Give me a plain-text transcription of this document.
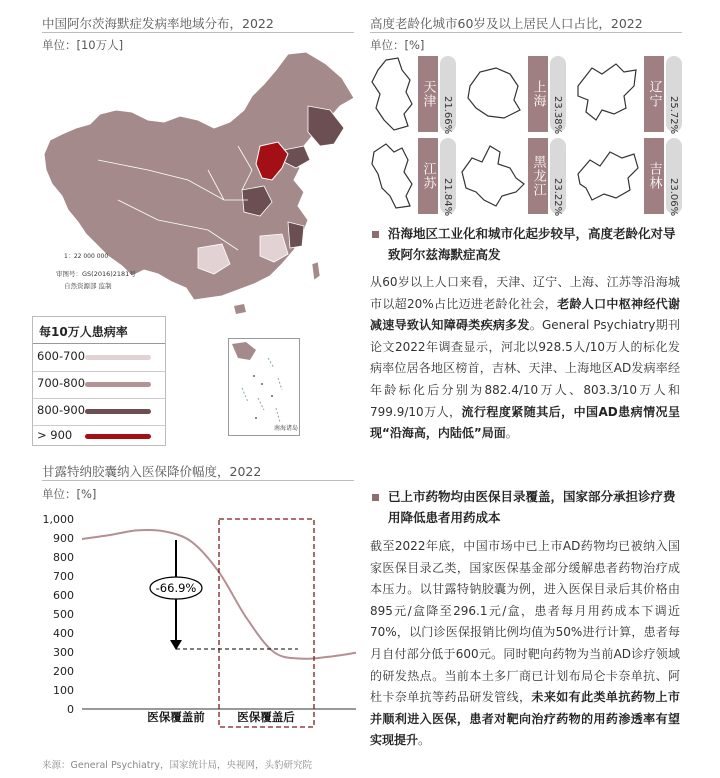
中国阿尔茨海默症发病率地域分布，2022
单位：[10万人]
1：22 000 000
审图号：GS(2016)2181号
自然资源部 监制
每10万人患病率
600-700
700-800
800-900
> 900	南海诸岛
高度老龄化城市60岁及以上居民人口占比，2022
单位：[%]
天津
21.66%
上海
23.38%
辽宁
25.72%
江苏
21.84%
黑龙江
23.22%
吉林
23.06%
沿海地区工业化和城市化起步较早，高度老龄化对导致阿尔兹海默症高发
从60岁以上人口来看，天津、辽宁、上海、江苏等沿海城市以超20%占比迈进老龄化社会，老龄人口中枢神经代谢减速导致认知障碍类疾病多发。General Psychiatry期刊论文2022年调查显示，河北以928.5人/10万人的标化发病率位居各地区榜首，吉林、天津、上海地区AD发病率经年龄标化后分别为882.4/10万人、803.3/10万人和799.9/10万人，流行程度紧随其后，中国AD患病情况呈现“沿海高，内陆低”局面。
甘露特纳胶囊纳入医保降价幅度，2022
单位：[%]
0
100
200
300
400
500
600
700
800
900
1,000
-66.9%
医保覆盖前	医保覆盖后
已上市药物均由医保目录覆盖，国家部分承担诊疗费用降低患者用药成本
截至2022年底，中国市场中已上市AD药物均已被纳入国家医保目录乙类，国家医保基金部分缓解患者药物治疗成本压力。以甘露特钠胶囊为例，进入医保目录后其价格由895元/盒降至296.1元/盒，患者每月用药成本下调近70%，以门诊医保报销比例均值为50%进行计算，患者每月自付部分低于600元。同时靶向药物为当前AD诊疗领域的研发热点。当前本土多厂商已计划布局仑卡奈单抗、阿杜卡奈单抗等药品研发管线，未来如有此类单抗药物上市并顺利进入医保，患者对靶向治疗药物的用药渗透率有望实现提升。
来源：General Psychiatry，国家统计局，央视网，头豹研究院
